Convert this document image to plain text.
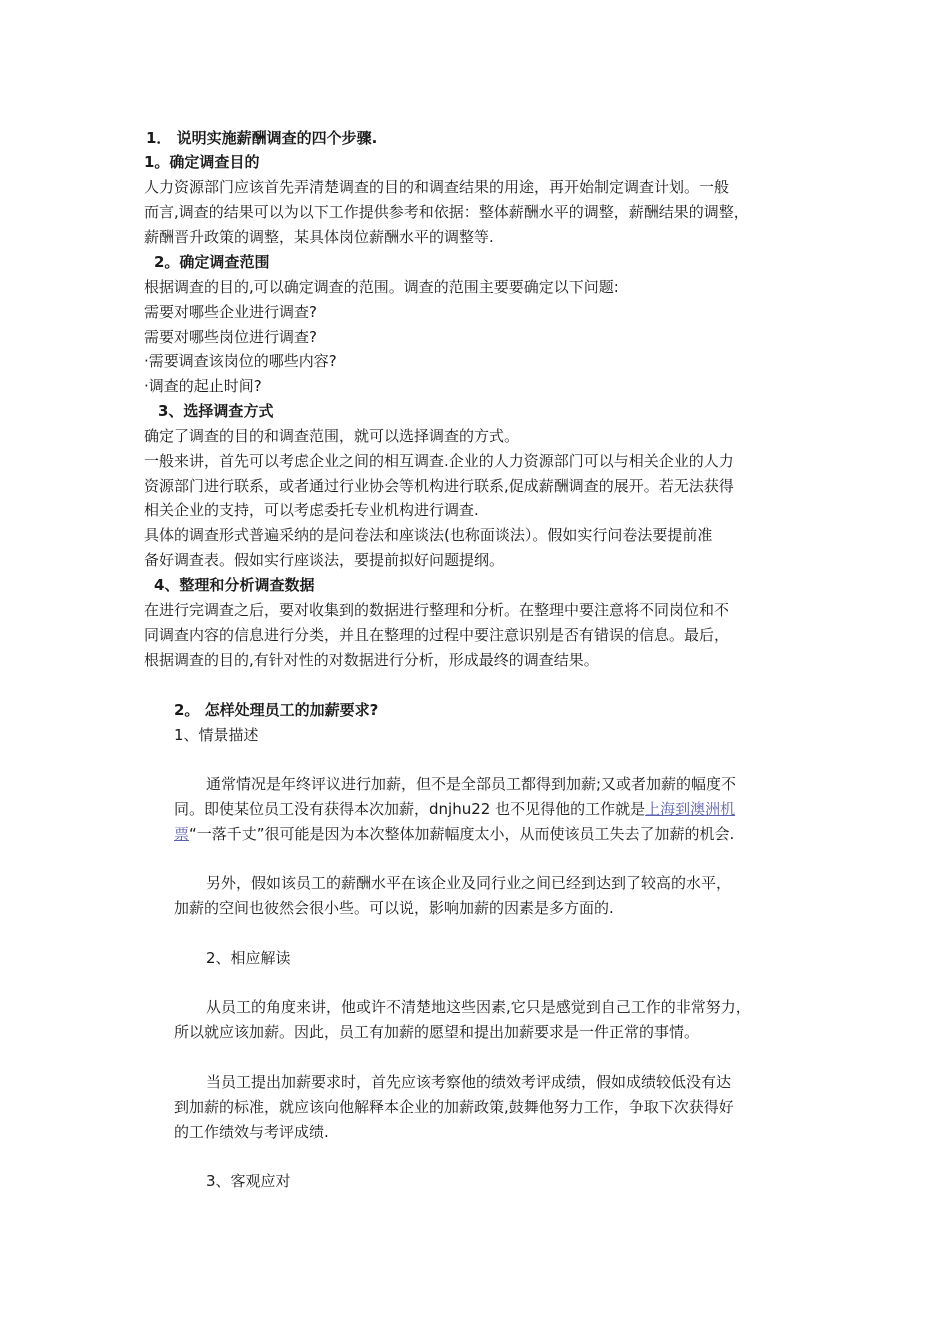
1． 说明实施薪酬调查的四个步骤.
1。确定调查目的
人力资源部门应该首先弄清楚调查的目的和调查结果的用途，再开始制定调查计划。一般
而言,调查的结果可以为以下工作提供参考和依据：整体薪酬水平的调整，薪酬结果的调整，
薪酬晋升政策的调整，某具体岗位薪酬水平的调整等.
2。确定调查范围
根据调查的目的,可以确定调查的范围。调查的范围主要要确定以下问题:
需要对哪些企业进行调查?
需要对哪些岗位进行调查?
·需要调查该岗位的哪些内容?
·调查的起止时间?
3、选择调查方式
确定了调查的目的和调查范围，就可以选择调查的方式。
一般来讲，首先可以考虑企业之间的相互调查.企业的人力资源部门可以与相关企业的人力
资源部门进行联系，或者通过行业协会等机构进行联系,促成薪酬调查的展开。若无法获得
相关企业的支持，可以考虑委托专业机构进行调查.
具体的调查形式普遍采纳的是问卷法和座谈法(也称面谈法）。假如实行问卷法要提前准
备好调查表。假如实行座谈法，要提前拟好问题提纲。
4、整理和分析调查数据
在进行完调查之后，要对收集到的数据进行整理和分析。在整理中要注意将不同岗位和不
同调查内容的信息进行分类，并且在整理的过程中要注意识别是否有错误的信息。最后，
根据调查的目的,有针对性的对数据进行分析，形成最终的调查结果。
2。 怎样处理员工的加薪要求?
1、情景描述
通常情况是年终评议进行加薪，但不是全部员工都得到加薪;又或者加薪的幅度不
同。即使某位员工没有获得本次加薪，dnjhu22 也不见得他的工作就是上海到澳洲机
票“一落千丈”很可能是因为本次整体加薪幅度太小，从而使该员工失去了加薪的机会.
另外，假如该员工的薪酬水平在该企业及同行业之间已经到达到了较高的水平，
加薪的空间也彼然会很小些。可以说，影响加薪的因素是多方面的.
2、相应解读
从员工的角度来讲，他或许不清楚地这些因素,它只是感觉到自己工作的非常努力，
所以就应该加薪。因此，员工有加薪的愿望和提出加薪要求是一件正常的事情。
当员工提出加薪要求时，首先应该考察他的绩效考评成绩，假如成绩较低没有达
到加薪的标准，就应该向他解释本企业的加薪政策,鼓舞他努力工作，争取下次获得好
的工作绩效与考评成绩.
3、客观应对
